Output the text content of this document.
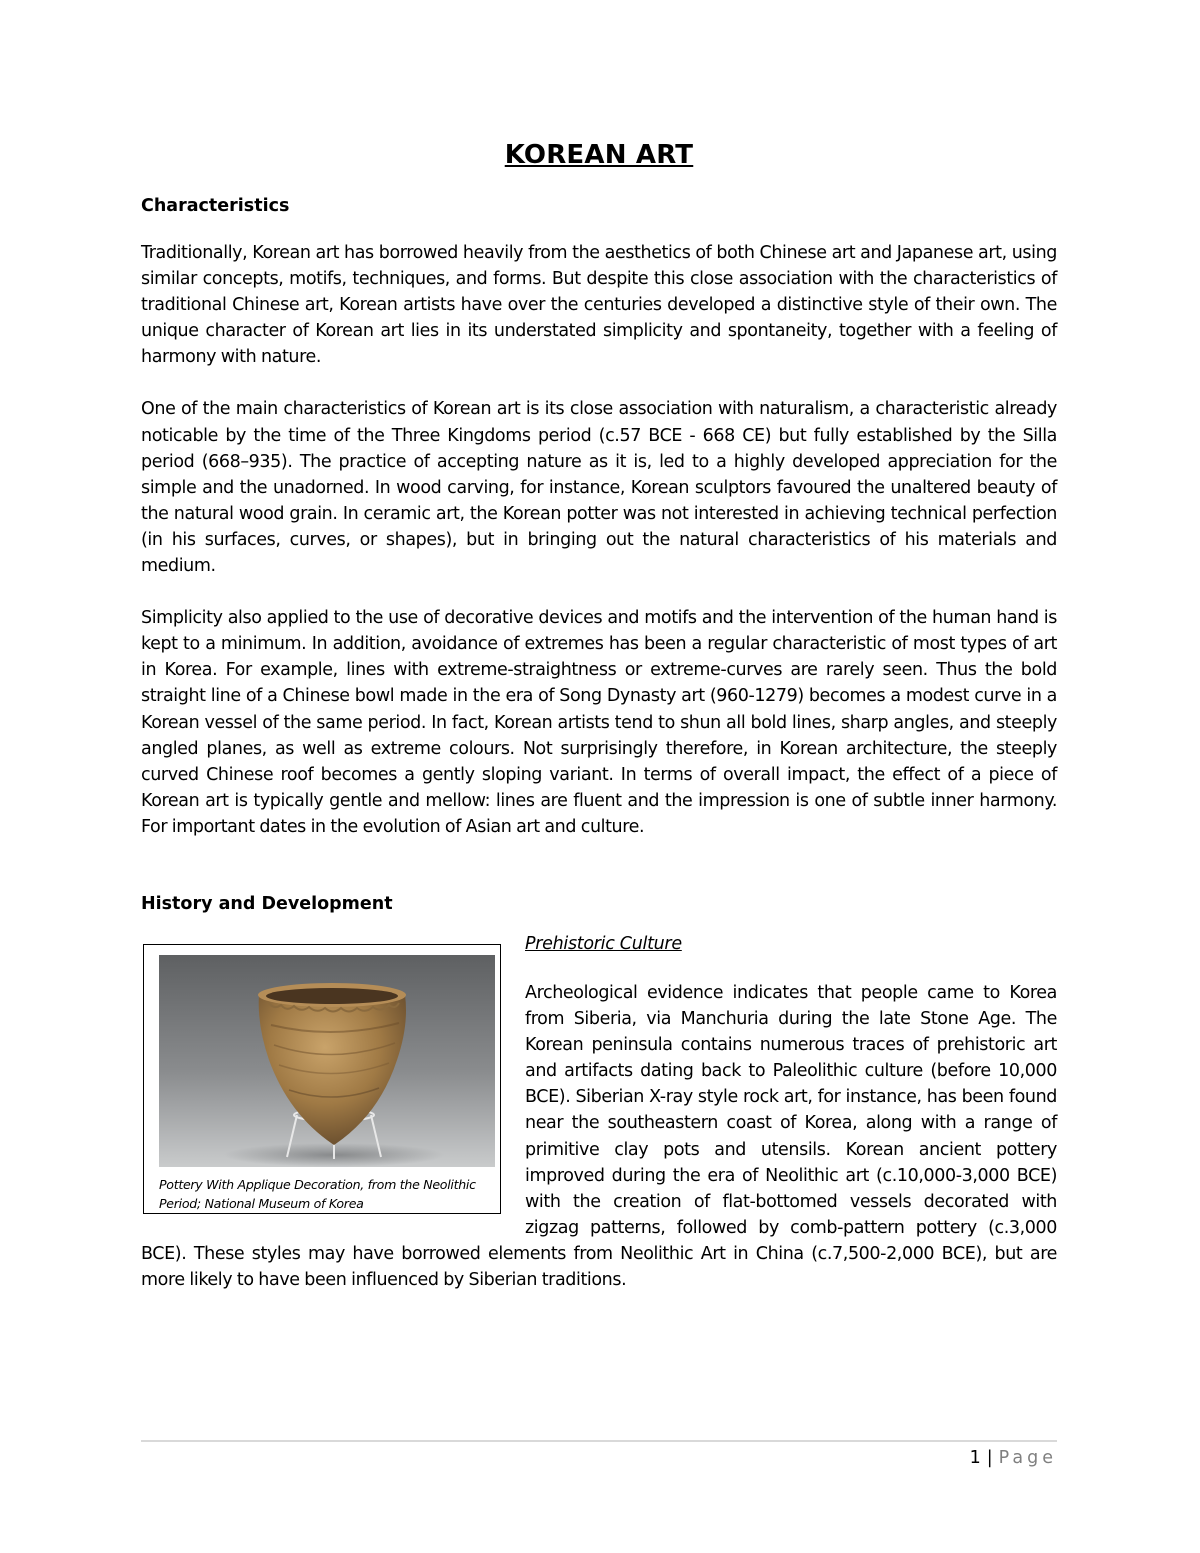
KOREAN ART
Characteristics

Traditionally, Korean art has borrowed heavily from the aesthetics of both Chinese art and Japanese art, using similar concepts, motifs, techniques, and forms. But despite this close association with the characteristics of traditional Chinese art, Korean artists have over the centuries developed a distinctive style of their own. The unique character of Korean art lies in its understated simplicity and spontaneity, together with a feeling of harmony with nature.

One of the main characteristics of Korean art is its close association with naturalism, a characteristic already noticable by the time of the Three Kingdoms period (c.57 BCE - 668 CE) but fully established by the Silla period (668–935). The practice of accepting nature as it is, led to a highly developed appreciation for the simple and the unadorned. In wood carving, for instance, Korean sculptors favoured the unaltered beauty of the natural wood grain. In ceramic art, the Korean potter was not interested in achieving technical perfection (in his surfaces, curves, or shapes), but in bringing out the natural characteristics of his materials and medium.

Simplicity also applied to the use of decorative devices and motifs and the intervention of the human hand is kept to a minimum. In addition, avoidance of extremes has been a regular characteristic of most types of art in Korea. For example, lines with extreme-straightness or extreme-curves are rarely seen. Thus the bold straight line of a Chinese bowl made in the era of Song Dynasty art (960-1279) becomes a modest curve in a Korean vessel of the same period. In fact, Korean artists tend to shun all bold lines, sharp angles, and steeply angled planes, as well as extreme colours. Not surprisingly therefore, in Korean architecture, the steeply curved Chinese roof becomes a gently sloping variant. In terms of overall impact, the effect of a piece of Korean art is typically gentle and mellow: lines are fluent and the impression is one of subtle inner harmony. For important dates in the evolution of Asian art and culture.

History and Development
Pottery With Applique Decoration, from the Neolithic Period; National Museum of Korea
Prehistoric Culture

Archeological evidence indicates that people came to Korea from Siberia, via Manchuria during the late Stone Age. The Korean peninsula contains numerous traces of prehistoric art and artifacts dating back to Paleolithic culture (before 10,000 BCE). Siberian X-ray style rock art, for instance, has been found near the southeastern coast of Korea, along with a range of primitive clay pots and utensils. Korean ancient pottery improved during the era of Neolithic art (c.10,000-3,000 BCE) with the creation of flat-bottomed vessels decorated with zigzag patterns, followed by comb-pattern pottery (c.3,000 BCE). These styles may have borrowed elements from Neolithic Art in China (c.7,500-2,000 BCE), but are more likely to have been influenced by Siberian traditions.

1 | Page
